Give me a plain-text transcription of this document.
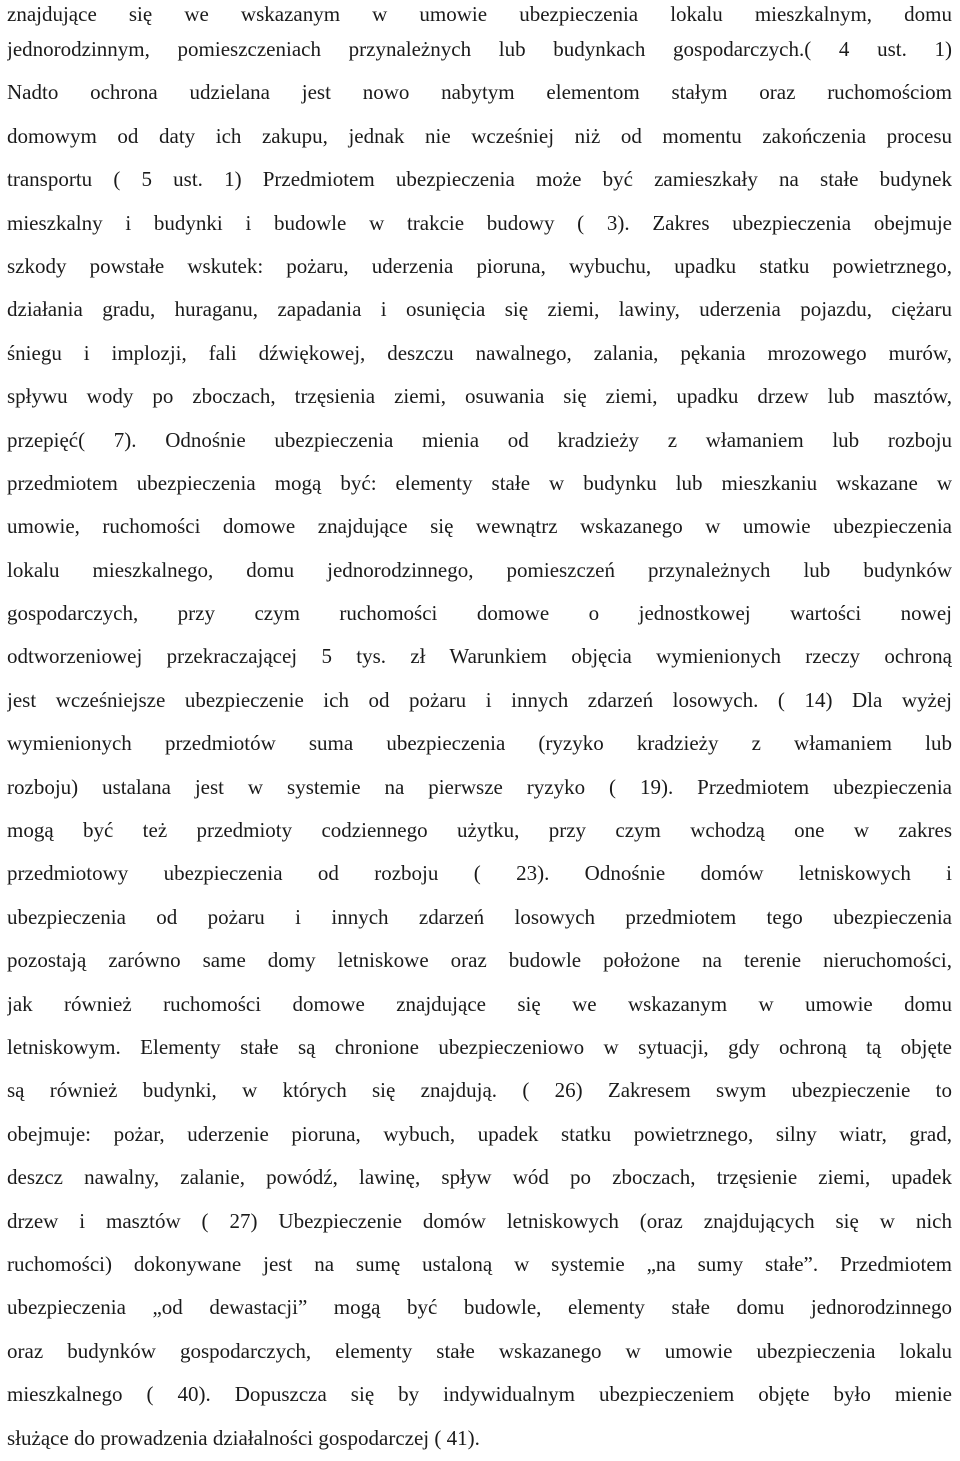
znajdujące się we wskazanym w umowie ubezpieczenia lokalu mieszkalnym, domu
jednorodzinnym, pomieszczeniach przynależnych lub budynkach gospodarczych.( 4 ust. 1)
Nadto ochrona udzielana jest nowo nabytym elementom stałym oraz ruchomościom
domowym od daty ich zakupu, jednak nie wcześniej niż od momentu zakończenia procesu
transportu ( 5 ust. 1) Przedmiotem ubezpieczenia może być zamieszkały na stałe budynek
mieszkalny i budynki i budowle w trakcie budowy ( 3). Zakres ubezpieczenia obejmuje
szkody powstałe wskutek: pożaru, uderzenia pioruna, wybuchu, upadku statku powietrznego,
działania gradu, huraganu, zapadania i osunięcia się ziemi, lawiny, uderzenia pojazdu, ciężaru
śniegu i implozji, fali dźwiękowej, deszczu nawalnego, zalania, pękania mrozowego murów,
spływu wody po zboczach, trzęsienia ziemi, osuwania się ziemi, upadku drzew lub masztów,
przepięć( 7). Odnośnie ubezpieczenia mienia od kradzieży z włamaniem lub rozboju
przedmiotem ubezpieczenia mogą być: elementy stałe w budynku lub mieszkaniu wskazane w
umowie, ruchomości domowe znajdujące się wewnątrz wskazanego w umowie ubezpieczenia
lokalu mieszkalnego, domu jednorodzinnego, pomieszczeń przynależnych lub budynków
gospodarczych, przy czym ruchomości domowe o jednostkowej wartości nowej
odtworzeniowej przekraczającej 5 tys. zł Warunkiem objęcia wymienionych rzeczy ochroną
jest wcześniejsze ubezpieczenie ich od pożaru i innych zdarzeń losowych. ( 14) Dla wyżej
wymienionych przedmiotów suma ubezpieczenia (ryzyko kradzieży z włamaniem lub
rozboju) ustalana jest w systemie na pierwsze ryzyko ( 19). Przedmiotem ubezpieczenia
mogą być też przedmioty codziennego użytku, przy czym wchodzą one w zakres
przedmiotowy ubezpieczenia od rozboju ( 23). Odnośnie domów letniskowych i
ubezpieczenia od pożaru i innych zdarzeń losowych przedmiotem tego ubezpieczenia
pozostają zarówno same domy letniskowe oraz budowle położone na terenie nieruchomości,
jak również ruchomości domowe znajdujące się we wskazanym w umowie domu
letniskowym. Elementy stałe są chronione ubezpieczeniowo w sytuacji, gdy ochroną tą objęte
są również budynki, w których się znajdują. ( 26) Zakresem swym ubezpieczenie to
obejmuje: pożar, uderzenie pioruna, wybuch, upadek statku powietrznego, silny wiatr, grad,
deszcz nawalny, zalanie, powódź, lawinę, spływ wód po zboczach, trzęsienie ziemi, upadek
drzew i masztów ( 27) Ubezpieczenie domów letniskowych (oraz znajdujących się w nich
ruchomości) dokonywane jest na sumę ustaloną w systemie „na sumy stałe”. Przedmiotem
ubezpieczenia „od dewastacji” mogą być budowle, elementy stałe domu jednorodzinnego
oraz budynków gospodarczych, elementy stałe wskazanego w umowie ubezpieczenia lokalu
mieszkalnego ( 40). Dopuszcza się by indywidualnym ubezpieczeniem objęte było mienie
służące do prowadzenia działalności gospodarczej ( 41).
